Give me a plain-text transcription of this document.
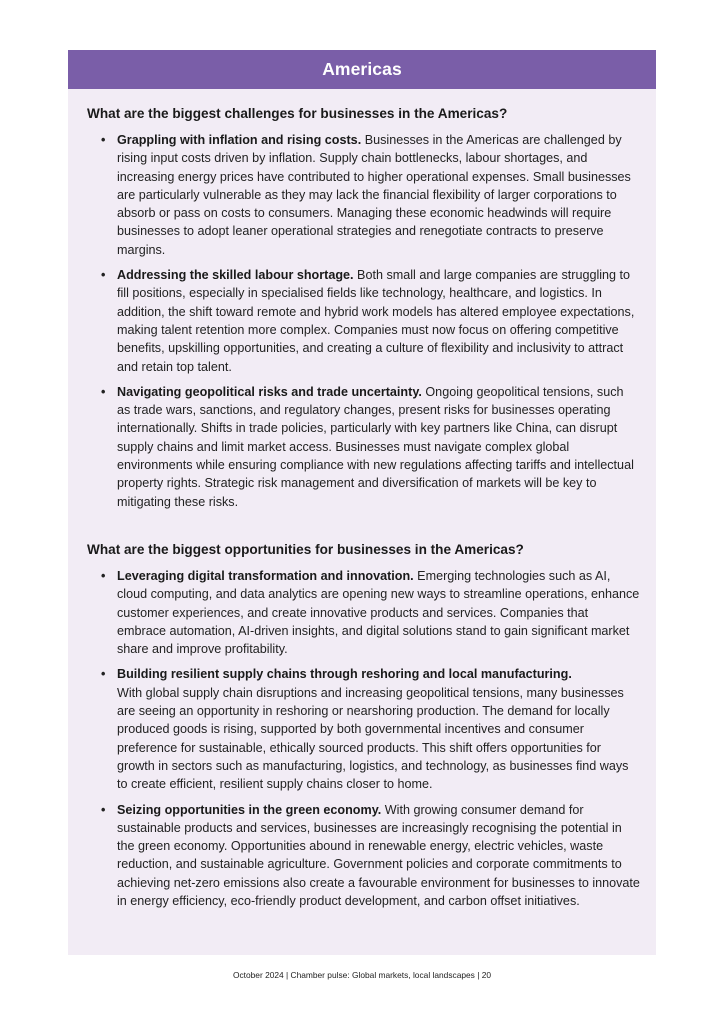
Americas
What are the biggest challenges for businesses in the Americas?
• Grappling with inflation and rising costs. Businesses in the Americas are challenged by rising input costs driven by inflation. Supply chain bottlenecks, labour shortages, and increasing energy prices have contributed to higher operational expenses. Small businesses are particularly vulnerable as they may lack the financial flexibility of larger corporations to absorb or pass on costs to consumers. Managing these economic headwinds will require businesses to adopt leaner operational strategies and renegotiate contracts to preserve margins.
• Addressing the skilled labour shortage. Both small and large companies are struggling to fill positions, especially in specialised fields like technology, healthcare, and logistics. In addition, the shift toward remote and hybrid work models has altered employee expectations, making talent retention more complex. Companies must now focus on offering competitive benefits, upskilling opportunities, and creating a culture of flexibility and inclusivity to attract and retain top talent.
• Navigating geopolitical risks and trade uncertainty. Ongoing geopolitical tensions, such as trade wars, sanctions, and regulatory changes, present risks for businesses operating internationally. Shifts in trade policies, particularly with key partners like China, can disrupt supply chains and limit market access. Businesses must navigate complex global environments while ensuring compliance with new regulations affecting tariffs and intellectual property rights. Strategic risk management and diversification of markets will be key to mitigating these risks.
What are the biggest opportunities for businesses in the Americas?
• Leveraging digital transformation and innovation. Emerging technologies such as AI, cloud computing, and data analytics are opening new ways to streamline operations, enhance customer experiences, and create innovative products and services. Companies that embrace automation, AI-driven insights, and digital solutions stand to gain significant market share and improve profitability.
• Building resilient supply chains through reshoring and local manufacturing.
With global supply chain disruptions and increasing geopolitical tensions, many businesses are seeing an opportunity in reshoring or nearshoring production. The demand for locally produced goods is rising, supported by both governmental incentives and consumer preference for sustainable, ethically sourced products. This shift offers opportunities for growth in sectors such as manufacturing, logistics, and technology, as businesses find ways to create efficient, resilient supply chains closer to home.
• Seizing opportunities in the green economy. With growing consumer demand for sustainable products and services, businesses are increasingly recognising the potential in the green economy. Opportunities abound in renewable energy, electric vehicles, waste reduction, and sustainable agriculture. Government policies and corporate commitments to achieving net-zero emissions also create a favourable environment for businesses to innovate in energy efficiency, eco-friendly product development, and carbon offset initiatives.
October 2024 | Chamber pulse: Global markets, local landscapes | 20
